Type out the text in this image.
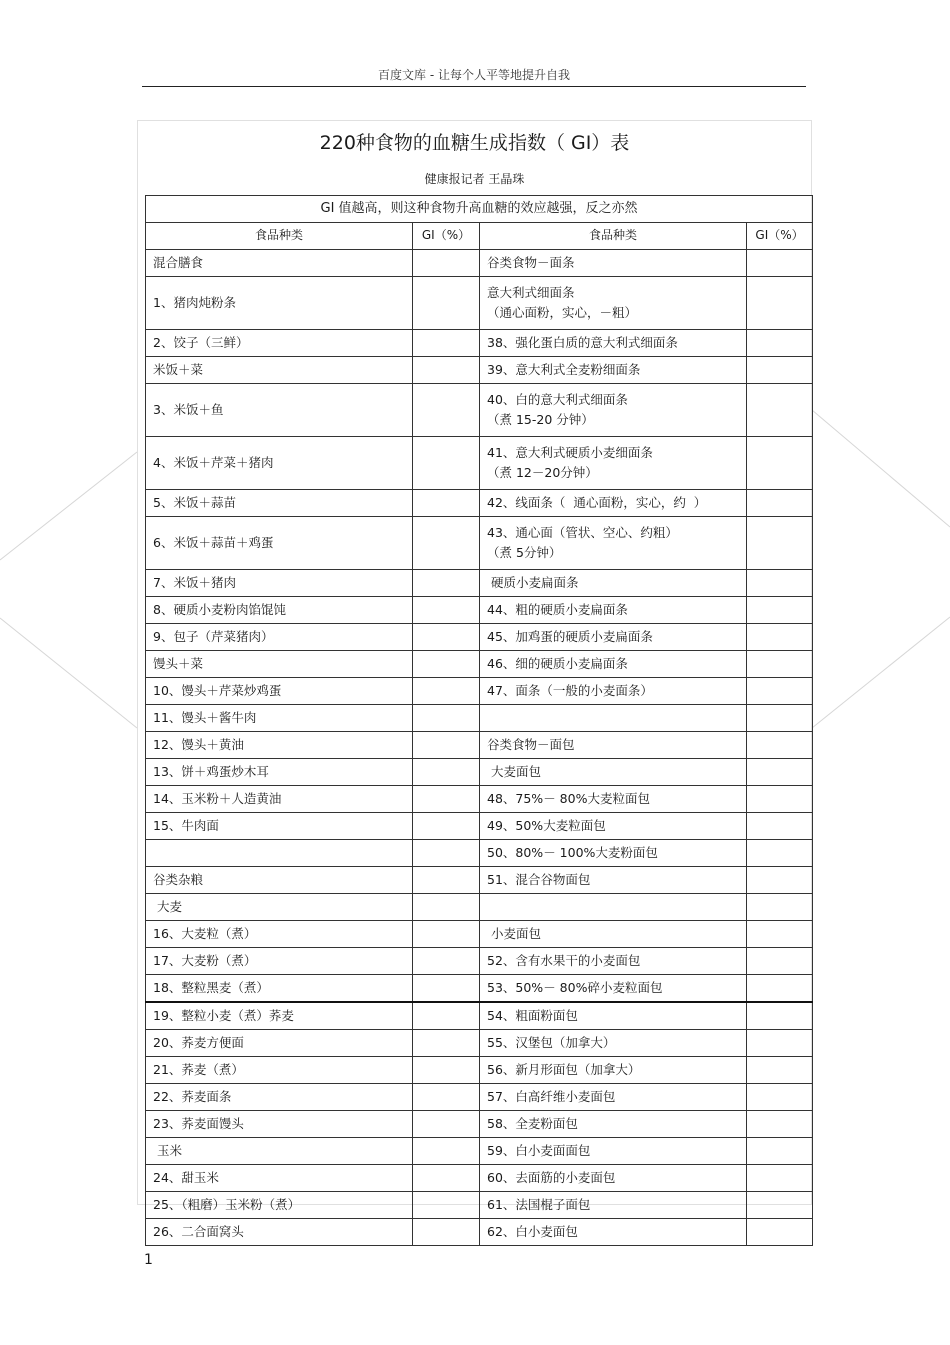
百度文库 - 让每个人平等地提升自我
220种食物的血糖生成指数（ GI）表
健康报记者 王晶珠
GI 值越高，则这种食物升高血糖的效应越强，反之亦然			
食品种类	GI（%）	食品种类	GI（%）
混合膳食		谷类食物－面条	
1、猪肉炖粉条		意大利式细面条
（通心面粉，实心，－粗）	

2、饺子（三鲜）		38、强化蛋白质的意大利式细面条	
米饭＋菜		39、意大利式全麦粉细面条	
3、米饭＋鱼		40、白的意大利式细面条
（煮 15-20 分钟）	

4、米饭＋芹菜＋猪肉		41、意大利式硬质小麦细面条
（煮 12－20分钟）	

5、米饭＋蒜苗		42、线面条（  通心面粉，实心，约  ）	
6、米饭＋蒜苗＋鸡蛋		43、通心面（管状、空心、约粗）
（煮 5分钟）	

7、米饭＋猪肉		硬质小麦扁面条	
8、硬质小麦粉肉馅馄饨		44、粗的硬质小麦扁面条	
9、包子（芹菜猪肉）		45、加鸡蛋的硬质小麦扁面条	
馒头＋菜		46、细的硬质小麦扁面条	
10、馒头＋芹菜炒鸡蛋		47、面条（一般的小麦面条）	
11、馒头＋酱牛肉			
12、馒头＋黄油		谷类食物－面包	
13、饼＋鸡蛋炒木耳		大麦面包	
14、玉米粉＋人造黄油		48、75%－ 80%大麦粒面包	
15、牛肉面		49、50%大麦粒面包	
		50、80%－ 100%大麦粉面包	
谷类杂粮		51、混合谷物面包	
大麦			
16、大麦粒（煮）		小麦面包	
17、大麦粉（煮）		52、含有水果干的小麦面包	
18、整粒黑麦（煮）		53、50%－ 80%碎小麦粒面包	
19、整粒小麦（煮）荞麦		54、粗面粉面包	
20、荞麦方便面		55、汉堡包（加拿大）	
21、荞麦（煮）		56、新月形面包（加拿大）	
22、荞麦面条		57、白高纤维小麦面包	
23、荞麦面馒头		58、全麦粉面包	
玉米		59、白小麦面面包	
24、甜玉米		60、去面筋的小麦面包	
25、（粗磨）玉米粉（煮）		61、法国棍子面包	
26、二合面窝头		62、白小麦面包	
1
